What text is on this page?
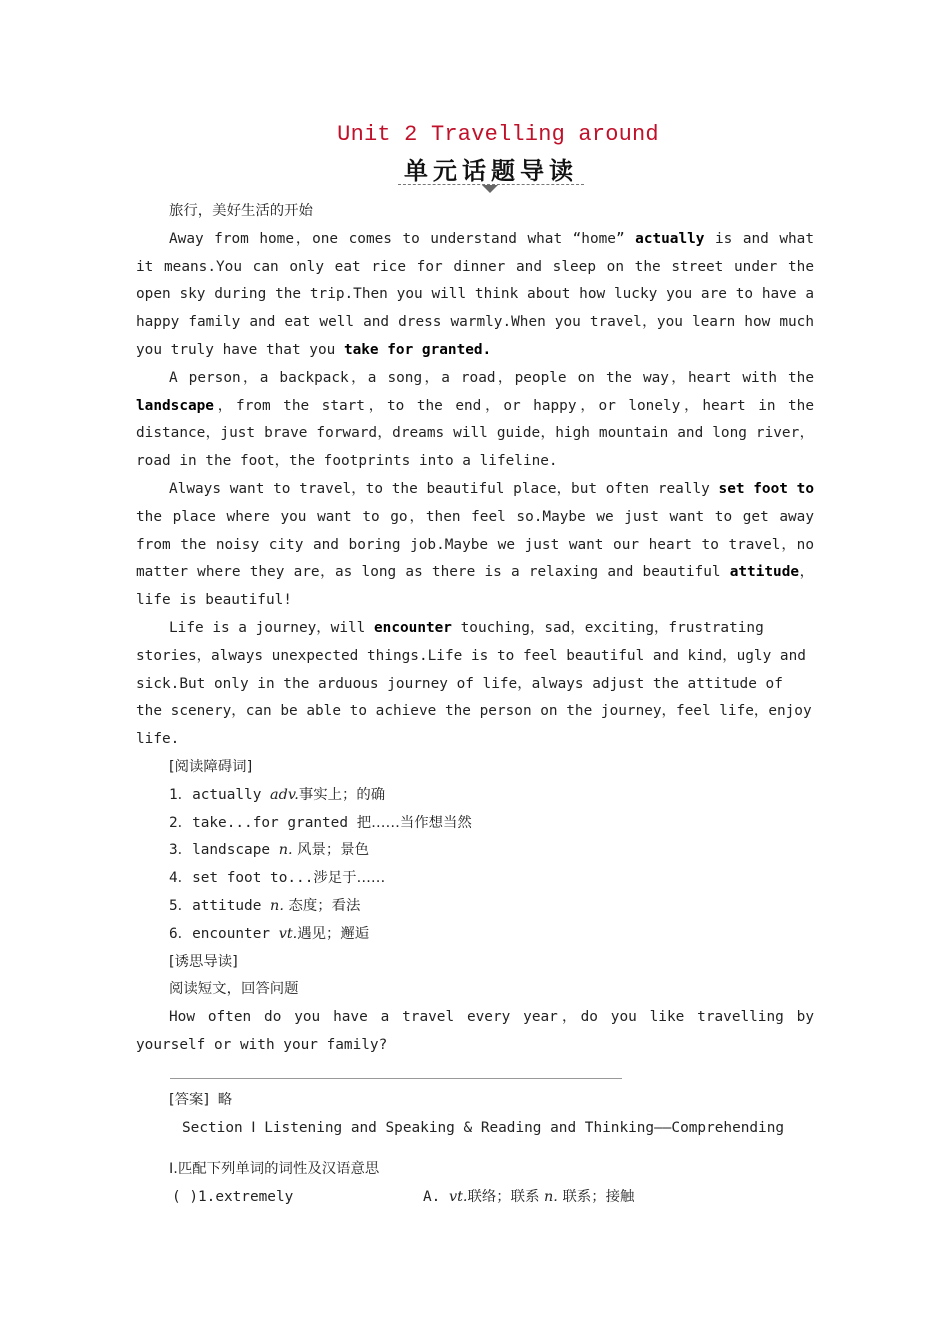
Unit 2 Travelling around
单元话题导读

旅行，美好生活的开始

Away from home，one comes to understand what “home” actually is and what it means.You can only eat rice for dinner and sleep on the street under the open sky during the trip.Then you will think about how lucky you are to have a happy family and eat well and dress warmly.When you travel，you learn how much you truly have that you take for granted.

A person，a backpack，a song，a road，people on the way，heart with the landscape，from the start，to the end，or happy，or lonely，heart in the distance，just brave forward，dreams will guide，high mountain and long river，road in the foot，the footprints into a lifeline.

Always want to travel，to the beautiful place，but often really set foot to the place where you want to go，then feel so.Maybe we just want to get away from the noisy city and boring job.Maybe we just want our heart to travel，no matter where they are，as long as there is a relaxing and beautiful attitude，life is beautiful!

Life is a journey，will encounter touching，sad，exciting，frustrating stories，always unexpected things.Life is to feel beautiful and kind，ugly and sick.But only in the arduous journey of life，always adjust the attitude of the scenery，can be able to achieve the person on the journey，feel life，enjoy life.

[阅读障碍词]

1．actually adv.事实上；的确

2．take...for granted 把……当作想当然

3．landscape n. 风景；景色

4．set foot to...涉足于……

5．attitude n. 态度；看法

6．encounter vt.遇见；邂逅

[诱思导读]

阅读短文，回答问题

How often do you have a travel every year，do you like travelling by yourself or with your family?

[答案] 略

Section Ⅰ Listening and Speaking & Reading and Thinking——Comprehending

Ⅰ.匹配下列单词的词性及汉语意思

( )1.extremely	A. vt.联络；联系 n. 联系；接触
